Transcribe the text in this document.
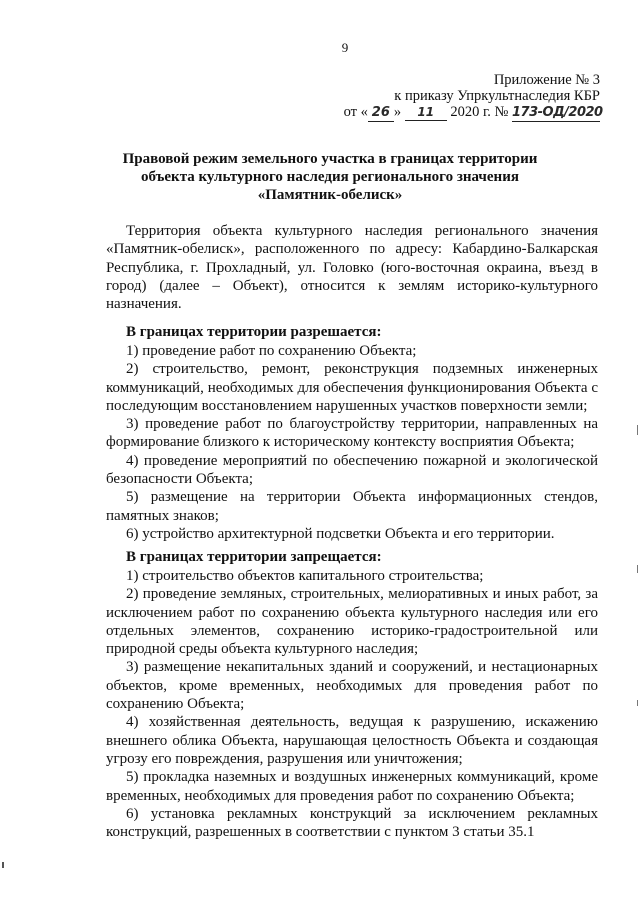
9
Приложение № 3
к приказу Упркультнаследия КБР
от « 26 » 11 2020 г. № 173-ОД/2020
Правовой режим земельного участка в границах территории
объекта культурного наследия регионального значения
«Памятник-обелиск»
Территория объекта культурного наследия регионального значения «Памятник-обелиск», расположенного по адресу: Кабардино-Балкарская Республика, г. Прохладный, ул. Головко (юго-восточная окраина, въезд в город) (далее – Объект), относится к землям историко-культурного назначения.
В границах территории разрешается:

1) проведение работ по сохранению Объекта;

2) строительство, ремонт, реконструкция подземных инженерных коммуникаций, необходимых для обеспечения функционирования Объекта с последующим восстановлением нарушенных участков поверхности земли;

3) проведение работ по благоустройству территории, направленных на формирование близкого к историческому контексту восприятия Объекта;

4) проведение мероприятий по обеспечению пожарной и экологической безопасности Объекта;

5) размещение на территории Объекта информационных стендов, памятных знаков;

6) устройство архитектурной подсветки Объекта и его территории.

В границах территории запрещается:

1) строительство объектов капитального строительства;

2) проведение земляных, строительных, мелиоративных и иных работ, за исключением работ по сохранению объекта культурного наследия или его отдельных элементов, сохранению историко-градостроительной или природной среды объекта культурного наследия;

3) размещение некапитальных зданий и сооружений, и нестационарных объектов, кроме временных, необходимых для проведения работ по сохранению Объекта;

4) хозяйственная деятельность, ведущая к разрушению, искажению внешнего облика Объекта, нарушающая целостность Объекта и создающая угрозу его повреждения, разрушения или уничтожения;

5) прокладка наземных и воздушных инженерных коммуникаций, кроме временных, необходимых для проведения работ по сохранению Объекта;

6) установка рекламных конструкций за исключением рекламных конструкций, разрешенных в соответствии с пунктом 3 статьи 35.1
